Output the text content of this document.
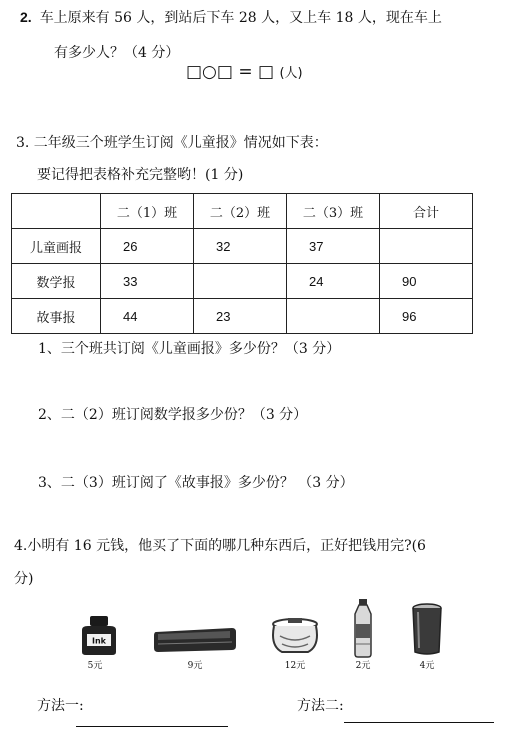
2. 车上原来有 56 人，到站后下车 28 人，又上车 18 人，现在车上
有多少人？（4 分）
□○□ = □ (人)
3. 二年级三个班学生订阅《儿童报》情况如下表：
要记得把表格补充完整哟！(1 分)
	二（1）班	二（2）班	二（3）班	合计
儿童画报	26	32	37	
数学报	33		24	90
故事报	44	23		96
1、三个班共订阅《儿童画报》多少份？（3 分）
2、二（2）班订阅数学报多少份？（3 分）
3、二（3）班订阅了《故事报》多少份？ （3 分）
4.小明有 16 元钱，他买了下面的哪几种东西后，正好把钱用完?(6
分)
Ink
5元	9元	12元	2元	4元
方法一:	方法二:
